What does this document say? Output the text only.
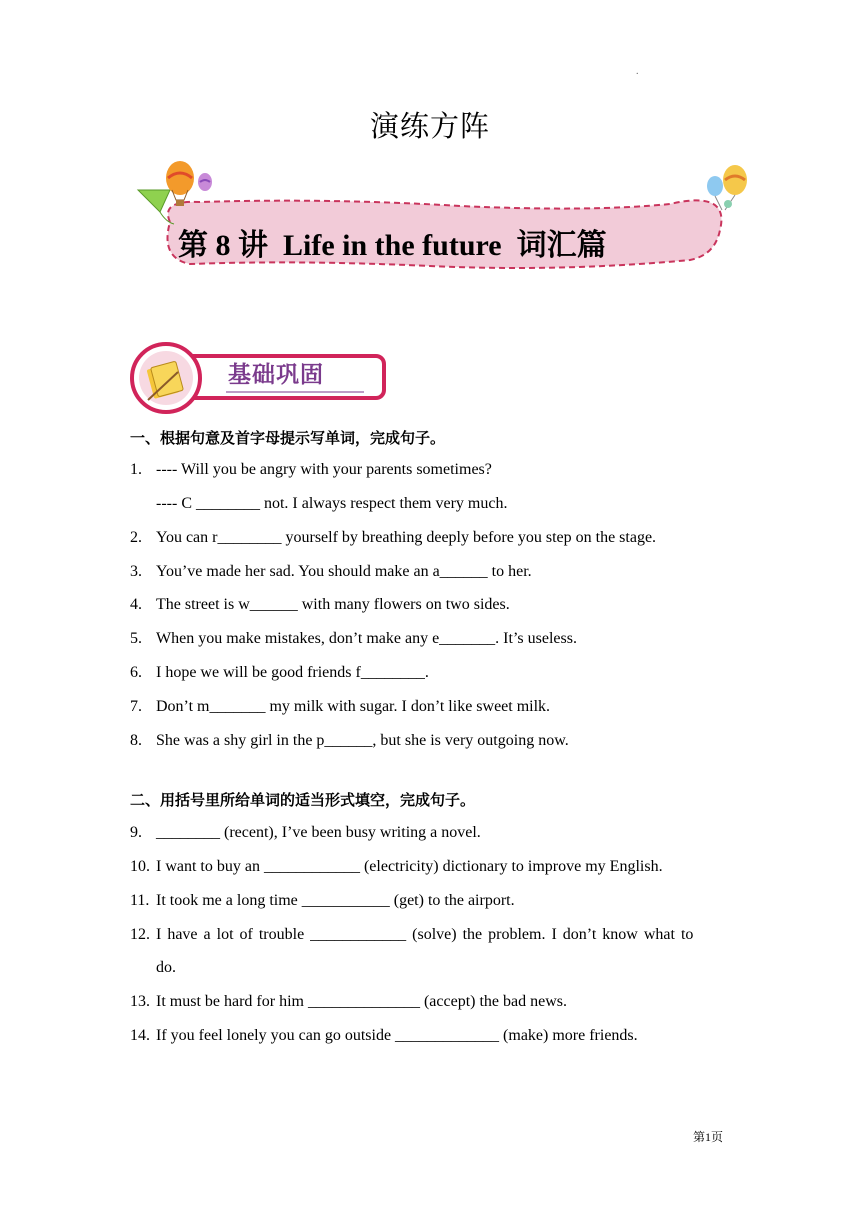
.
演练方阵
第 8 讲  Life in the future  词汇篇
基础巩固
一、根据句意及首字母提示写单词，完成句子。
1. ---- Will you be angry with your parents sometimes?
---- C ________ not. I always respect them very much.
2. You can r________ yourself by breathing deeply before you step on the stage.
3. You’ve made her sad. You should make an a______ to her.
4. The street is w______ with many flowers on two sides.
5. When you make mistakes, don’t make any e_______. It’s useless.
6. I hope we will be good friends f________.
7. Don’t m_______ my milk with sugar. I don’t like sweet milk.
8. She was a shy girl in the p______, but she is very outgoing now.
二、用括号里所给单词的适当形式填空，完成句子。
9. ________ (recent), I’ve been busy writing a novel.
10. I want to buy an ____________ (electricity) dictionary to improve my English.
11. It took me a long time ___________ (get) to the airport.
12. I have a lot of trouble ____________ (solve) the problem. I don’t know what to
do.
13. It must be hard for him ______________ (accept) the bad news.
14. If you feel lonely you can go outside _____________ (make) more friends.
第1页
